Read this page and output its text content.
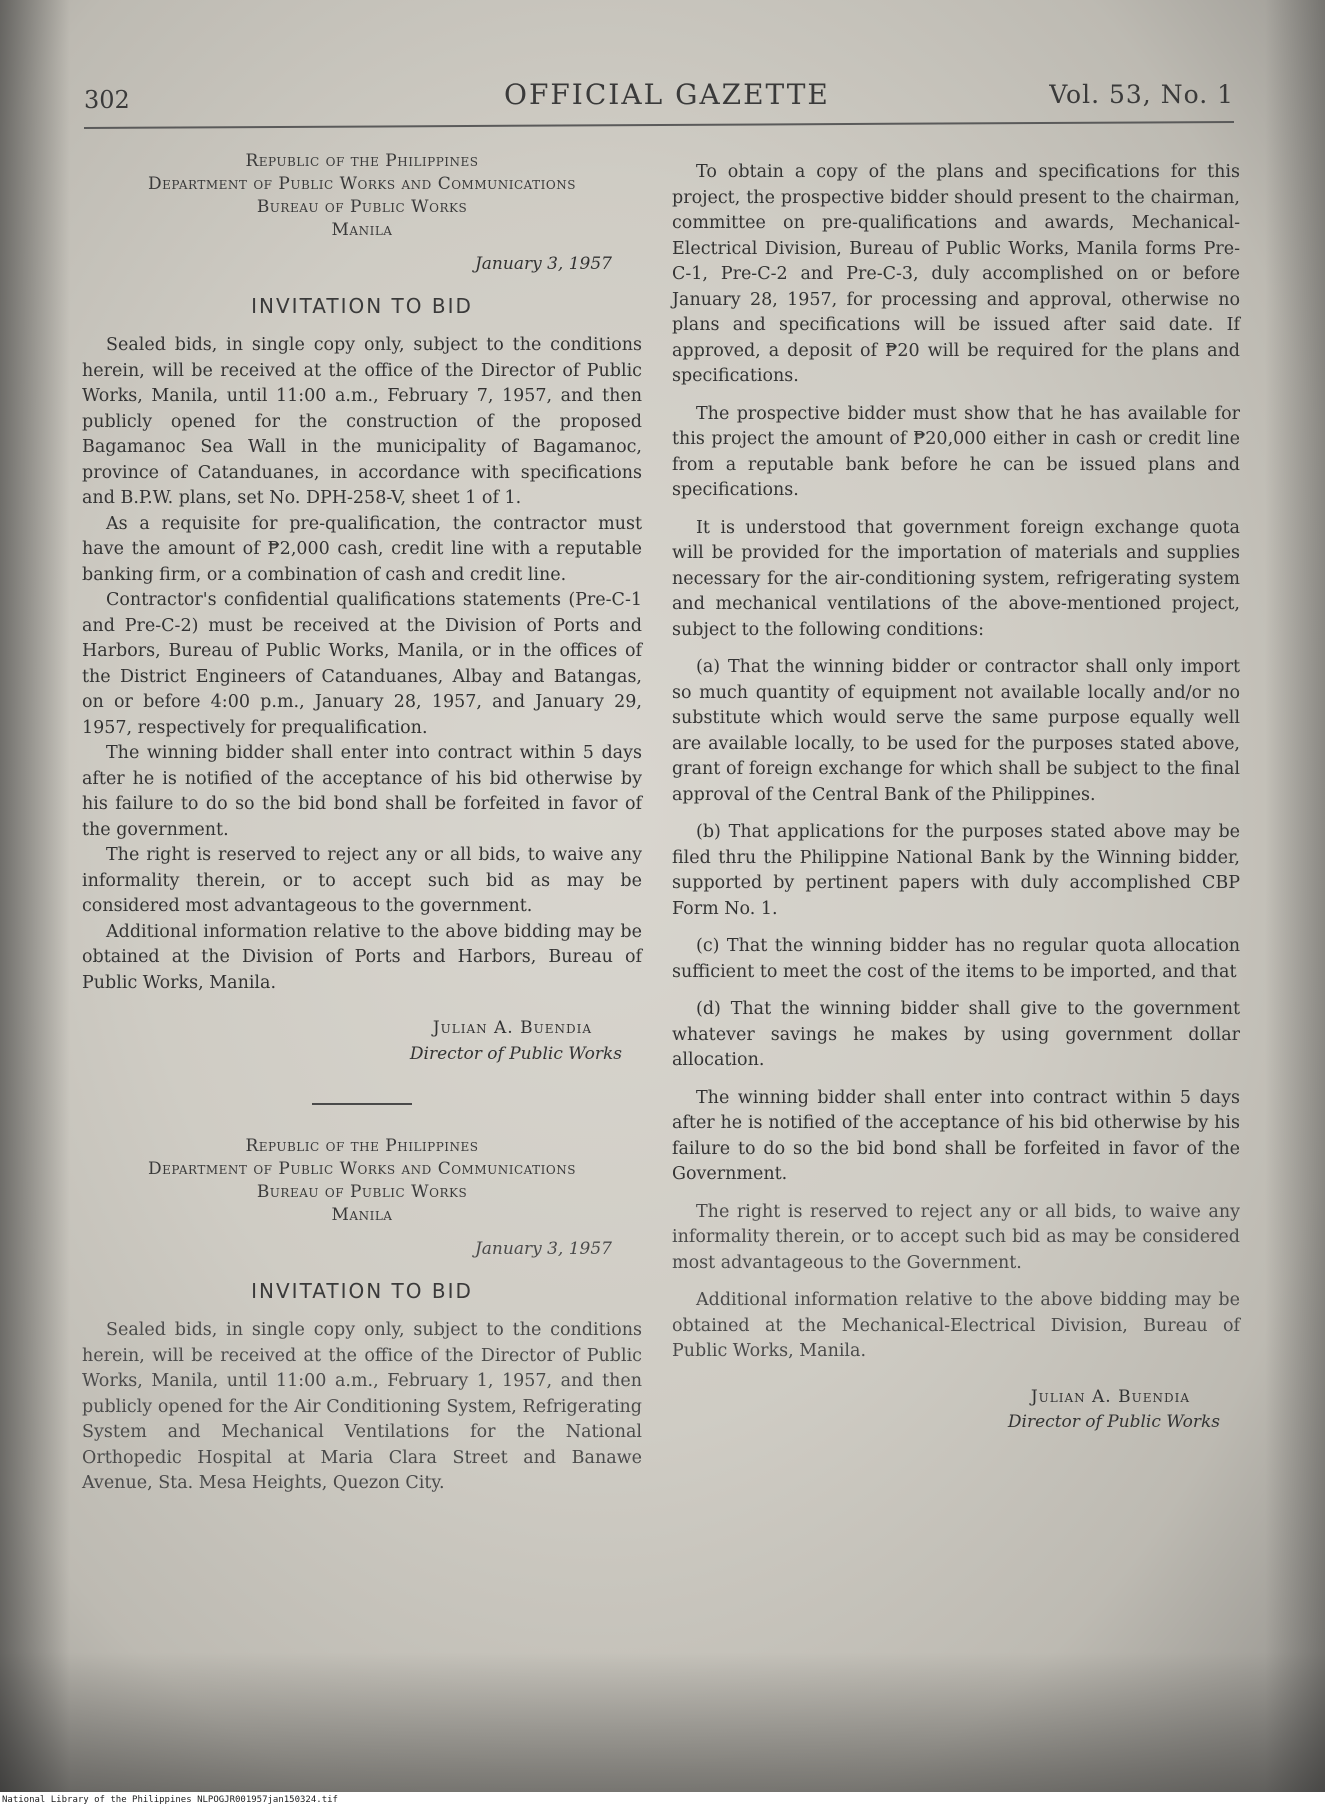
302	OFFICIAL GAZETTE	Vol. 53, No. 1
Republic of the Philippines
Department of Public Works and Communications
Bureau of Public Works
Manila
January 3, 1957
INVITATION TO BID

Sealed bids, in single copy only, subject to the conditions herein, will be received at the office of the Director of Public Works, Manila, until 11:00 a.m., February 7, 1957, and then publicly opened for the construction of the proposed Bagamanoc Sea Wall in the municipality of Bagamanoc, province of Catanduanes, in accordance with specifications and B.P.W. plans, set No. DPH-258-V, sheet 1 of 1.

As a requisite for pre-qualification, the contractor must have the amount of ₱2,000 cash, credit line with a reputable banking firm, or a combination of cash and credit line.

Contractor's confidential qualifications statements (Pre-C-1 and Pre-C-2) must be received at the Division of Ports and Harbors, Bureau of Public Works, Manila, or in the offices of the District Engineers of Catanduanes, Albay and Batangas, on or before 4:00 p.m., January 28, 1957, and January 29, 1957, respectively for prequalification.

The winning bidder shall enter into contract within 5 days after he is notified of the acceptance of his bid otherwise by his failure to do so the bid bond shall be forfeited in favor of the government.

The right is reserved to reject any or all bids, to waive any informality therein, or to accept such bid as may be considered most advantageous to the government.

Additional information relative to the above bidding may be obtained at the Division of Ports and Harbors, Bureau of Public Works, Manila.

Julian A. Buendia
Director of Public Works
Republic of the Philippines
Department of Public Works and Communications
Bureau of Public Works
Manila
January 3, 1957
INVITATION TO BID

Sealed bids, in single copy only, subject to the conditions herein, will be received at the office of the Director of Public Works, Manila, until 11:00 a.m., February 1, 1957, and then publicly opened for the Air Conditioning System, Refrigerating System and Mechanical Ventilations for the National Orthopedic Hospital at Maria Clara Street and Banawe Avenue, Sta. Mesa Heights, Quezon City.

To obtain a copy of the plans and specifications for this project, the prospective bidder should present to the chairman, committee on pre-qualifications and awards, Mechanical-Electrical Division, Bureau of Public Works, Manila forms Pre-C-1, Pre-C-2 and Pre-C-3, duly accomplished on or before January 28, 1957, for processing and approval, otherwise no plans and specifications will be issued after said date. If approved, a deposit of ₱20 will be required for the plans and specifications.

The prospective bidder must show that he has available for this project the amount of ₱20,000 either in cash or credit line from a reputable bank before he can be issued plans and specifications.

It is understood that government foreign exchange quota will be provided for the importation of materials and supplies necessary for the air-conditioning system, refrigerating system and mechanical ventilations of the above-mentioned project, subject to the following conditions:

(a) That the winning bidder or contractor shall only import so much quantity of equipment not available locally and/or no substitute which would serve the same purpose equally well are available locally, to be used for the purposes stated above, grant of foreign exchange for which shall be subject to the final approval of the Central Bank of the Philippines.

(b) That applications for the purposes stated above may be filed thru the Philippine National Bank by the Winning bidder, supported by pertinent papers with duly accomplished CBP Form No. 1.

(c) That the winning bidder has no regular quota allocation sufficient to meet the cost of the items to be imported, and that

(d) That the winning bidder shall give to the government whatever savings he makes by using government dollar allocation.

The winning bidder shall enter into contract within 5 days after he is notified of the acceptance of his bid otherwise by his failure to do so the bid bond shall be forfeited in favor of the Government.

The right is reserved to reject any or all bids, to waive any informality therein, or to accept such bid as may be considered most advantageous to the Government.

Additional information relative to the above bidding may be obtained at the Mechanical-Electrical Division, Bureau of Public Works, Manila.

Julian A. Buendia
Director of Public Works
National Library of the Philippines NLPOGJR001957jan150324.tif
